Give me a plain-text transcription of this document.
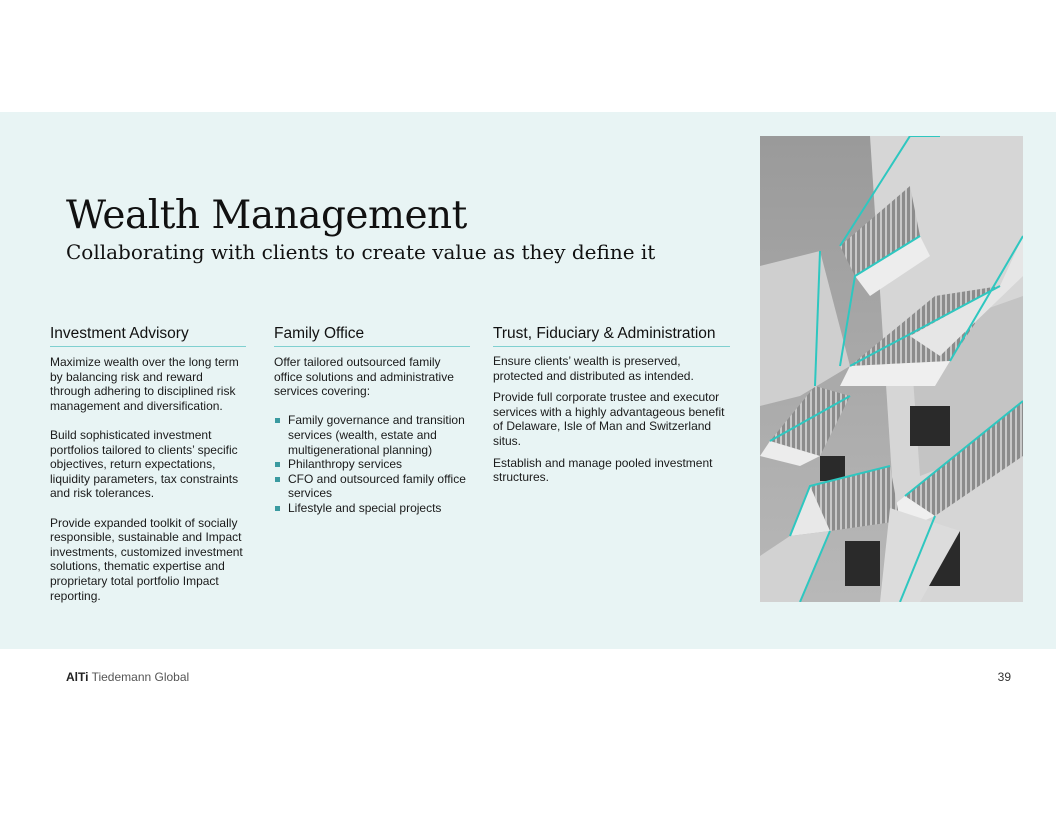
Wealth Management
Collaborating with clients to create value as they define it
Investment Advisory

Maximize wealth over the long term by balancing risk and reward through adhering to disciplined risk management and diversification.

Build sophisticated investment portfolios tailored to clients’ specific objectives, return expectations, liquidity parameters, tax constraints and risk tolerances.

Provide expanded toolkit of socially responsible, sustainable and Impact investments, customized investment solutions, thematic expertise and proprietary total portfolio Impact reporting.

Family Office

Offer tailored outsourced family office solutions and administrative services covering:

Family governance and transition services (wealth, estate and multigenerational planning)
Philanthropy services
CFO and outsourced family office services
Lifestyle and special projects
Trust, Fiduciary & Administration

Ensure clients’ wealth is preserved, protected and distributed as intended.

Provide full corporate trustee and executor services with a highly advantageous benefit of Delaware, Isle of Man and Switzerland situs.

Establish and manage pooled investment structures.

AlTi Tiedemann Global	39
